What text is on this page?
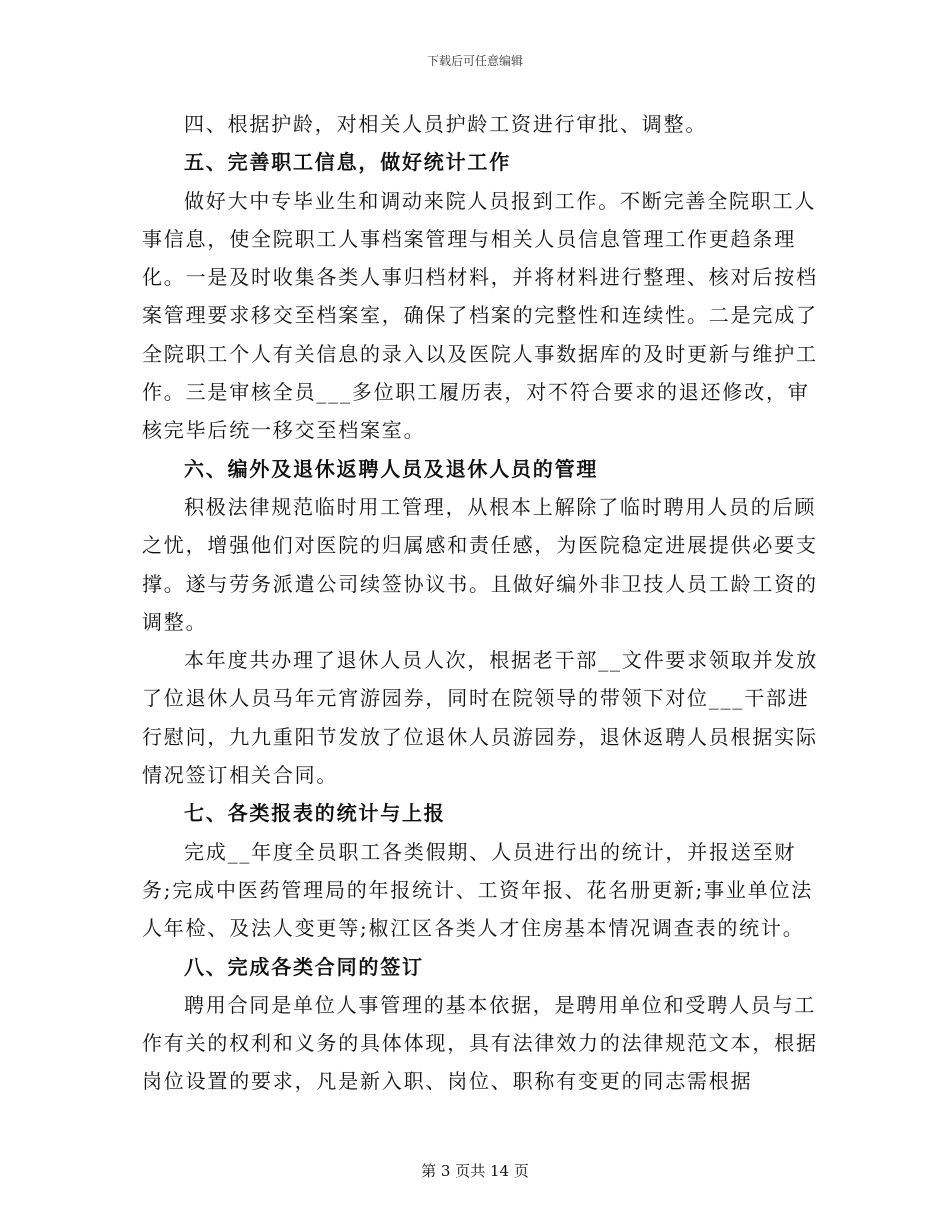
下载后可任意编辑

四、根据护龄，对相关人员护龄工资进行审批、调整。

五、完善职工信息，做好统计工作

做好大中专毕业生和调动来院人员报到工作。不断完善全院职工人事信息，使全院职工人事档案管理与相关人员信息管理工作更趋条理化。一是及时收集各类人事归档材料，并将材料进行整理、核对后按档案管理要求移交至档案室，确保了档案的完整性和连续性。二是完成了全院职工个人有关信息的录入以及医院人事数据库的及时更新与维护工作。三是审核全员___多位职工履历表，对不符合要求的退还修改，审核完毕后统一移交至档案室。

六、编外及退休返聘人员及退休人员的管理

积极法律规范临时用工管理，从根本上解除了临时聘用人员的后顾之忧，增强他们对医院的归属感和责任感，为医院稳定进展提供必要支撑。遂与劳务派遣公司续签协议书。且做好编外非卫技人员工龄工资的调整。

本年度共办理了退休人员人次，根据老干部__文件要求领取并发放了位退休人员马年元宵游园券，同时在院领导的带领下对位___干部进行慰问，九九重阳节发放了位退休人员游园券，退休返聘人员根据实际情况签订相关合同。

七、各类报表的统计与上报

完成__年度全员职工各类假期、人员进行出的统计，并报送至财务;完成中医药管理局的年报统计、工资年报、花名册更新;事业单位法人年检、及法人变更等;椒江区各类人才住房基本情况调查表的统计。

八、完成各类合同的签订

聘用合同是单位人事管理的基本依据，是聘用单位和受聘人员与工作有关的权利和义务的具体体现，具有法律效力的法律规范文本，根据岗位设置的要求，凡是新入职、岗位、职称有变更的同志需根据

第 3 页共 14 页
